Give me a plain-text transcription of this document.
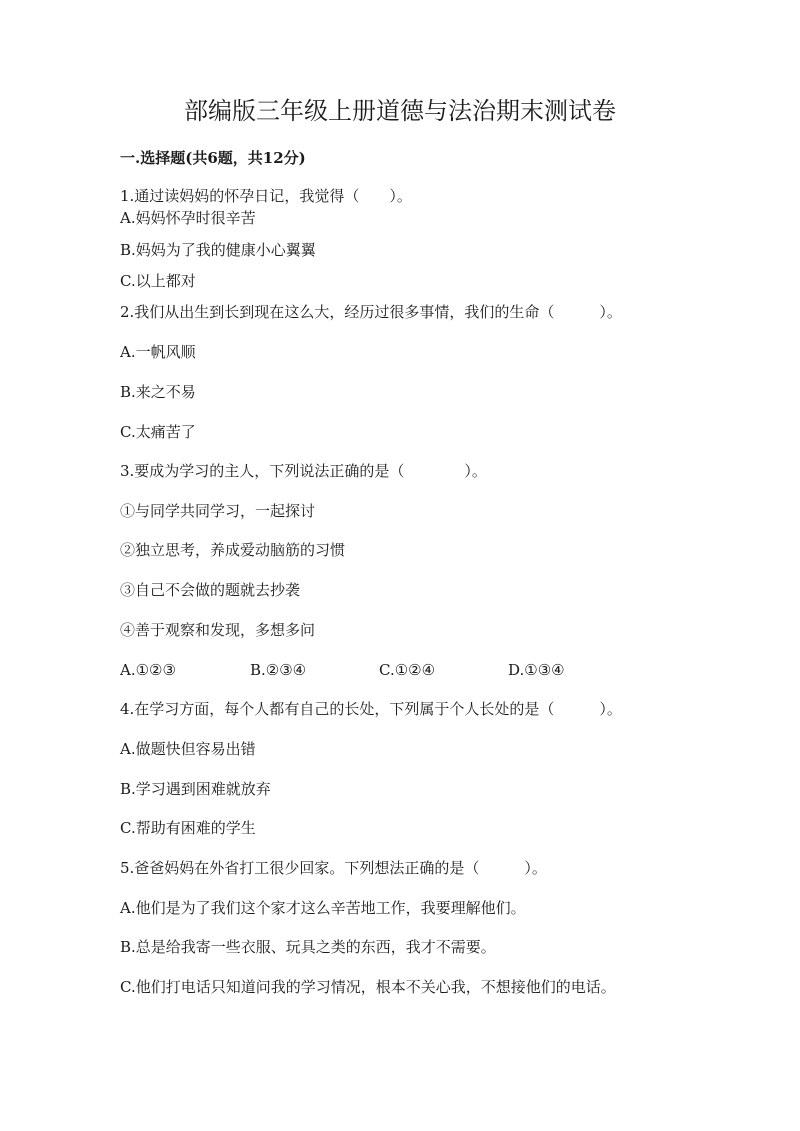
部编版三年级上册道德与法治期末测试卷
一.选择题(共6题，共12分)
1.通过读妈妈的怀孕日记，我觉得（　　）。
A.妈妈怀孕时很辛苦
B.妈妈为了我的健康小心翼翼
C.以上都对
2.我们从出生到长到现在这么大，经历过很多事情，我们的生命（　　　）。
A.一帆风顺
B.来之不易
C.太痛苦了
3.要成为学习的主人，下列说法正确的是（　　　　）。
①与同学共同学习，一起探讨
②独立思考，养成爱动脑筋的习惯
③自己不会做的题就去抄袭
④善于观察和发现，多想多问
A.①②③	B.②③④	C.①②④	D.①③④
4.在学习方面，每个人都有自己的长处，下列属于个人长处的是（　　　）。
A.做题快但容易出错
B.学习遇到困难就放弃
C.帮助有困难的学生
5.爸爸妈妈在外省打工很少回家。下列想法正确的是（　　　）。
A.他们是为了我们这个家才这么辛苦地工作，我要理解他们。
B.总是给我寄一些衣服、玩具之类的东西，我才不需要。
C.他们打电话只知道问我的学习情况，根本不关心我，不想接他们的电话。
